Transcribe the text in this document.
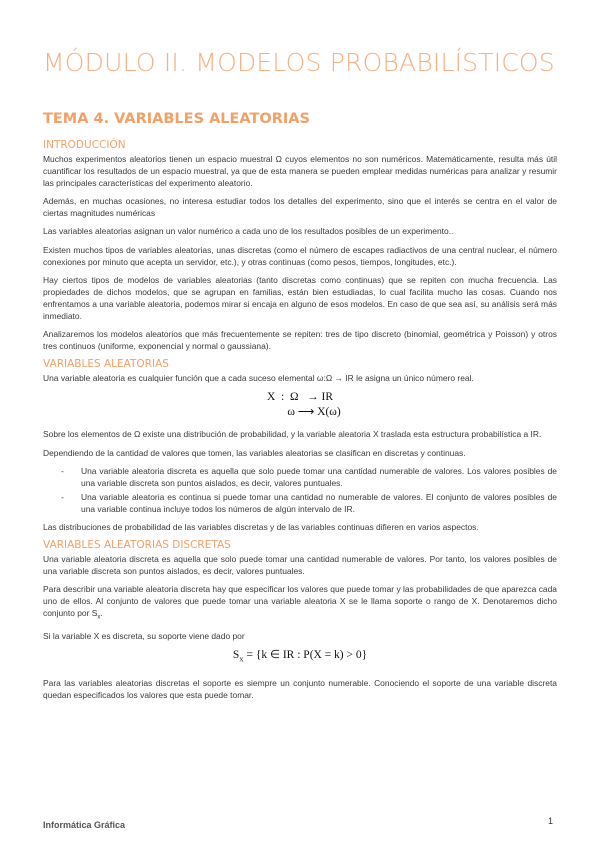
MÓDULO II. MODELOS PROBABILÍSTICOS
TEMA 4. VARIABLES ALEATORIAS
INTRODUCCIÓN

Muchos experimentos aleatorios tienen un espacio muestral Ω cuyos elementos no son numéricos. Matemáticamente, resulta más útil cuantificar los resultados de un espacio muestral, ya que de esta manera se pueden emplear medidas numéricas para analizar y resumir las principales características del experimento aleatorio.

Además, en muchas ocasiones, no interesa estudiar todos los detalles del experimento, sino que el interés se centra en el valor de ciertas magnitudes numéricas

Las variables aleatorias asignan un valor numérico a cada uno de los resultados posibles de un experimento..

Existen muchos tipos de variables aleatorias, unas discretas (como el número de escapes radiactivos de una central nuclear, el número conexiones por minuto que acepta un servidor, etc.), y otras continuas (como pesos, tiempos, longitudes, etc.).

Hay ciertos tipos de modelos de variables aleatorias (tanto discretas como continuas) que se repiten con mucha frecuencia. Las propiedades de dichos modelos, que se agrupan en familias, están bien estudiadas, lo cual facilita mucho las cosas. Cuando nos enfrentamos a una variable aleatoria, podemos mirar si encaja en alguno de esos modelos. En caso de que sea así, su análisis será más inmediato.

Analizaremos los modelos aleatorios que más frecuentemente se repiten: tres de tipo discreto (binomial, geométrica y Poisson) y otros tres continuos (uniforme, exponencial y normal o gaussiana).

VARIABLES ALEATORIAS

Una variable aleatoria es cualquier función que a cada suceso elemental ω:Ω → IR le asigna un único número real.

X  :  Ω   → IR
ω ⟶ X(ω)

Sobre los elementos de Ω existe una distribución de probabilidad, y la variable aleatoria X traslada esta estructura probabilística a IR.

Dependiendo de la cantidad de valores que tomen, las variables aleatorias se clasifican en discretas y continuas.

- Una variable aleatoria discreta es aquella que solo puede tomar una cantidad numerable de valores. Los valores posibles de una variable discreta son puntos aislados, es decir, valores puntuales.
- Una variable aleatoria es continua si puede tomar una cantidad no numerable de valores. El conjunto de valores posibles de una variable continua incluye todos los números de algún intervalo de IR.

Las distribuciones de probabilidad de las variables discretas y de las variables continuas difieren en varios aspectos.

VARIABLES ALEATORIAS DISCRETAS

Una variable aleatoria discreta es aquella que solo puede tomar una cantidad numerable de valores. Por tanto, los valores posibles de una variable discreta son puntos aislados, es decir, valores puntuales.

Para describir una variable aleatoria discreta hay que especificar los valores que puede tomar y las probabilidades de que aparezca cada uno de ellos. Al conjunto de valores que puede tomar una variable aleatoria X se le llama soporte o rango de X. Denotaremos dicho conjunto por $S_x$.

Si la variable X es discreta, su soporte viene dado por

$S_X = \{k$ ∈ IR : P(X = k) > 0}

Para las variables aleatorias discretas el soporte es siempre un conjunto numerable. Conociendo el soporte de una variable discreta quedan especificados los valores que esta puede tomar.

Informática Gráfica	1
